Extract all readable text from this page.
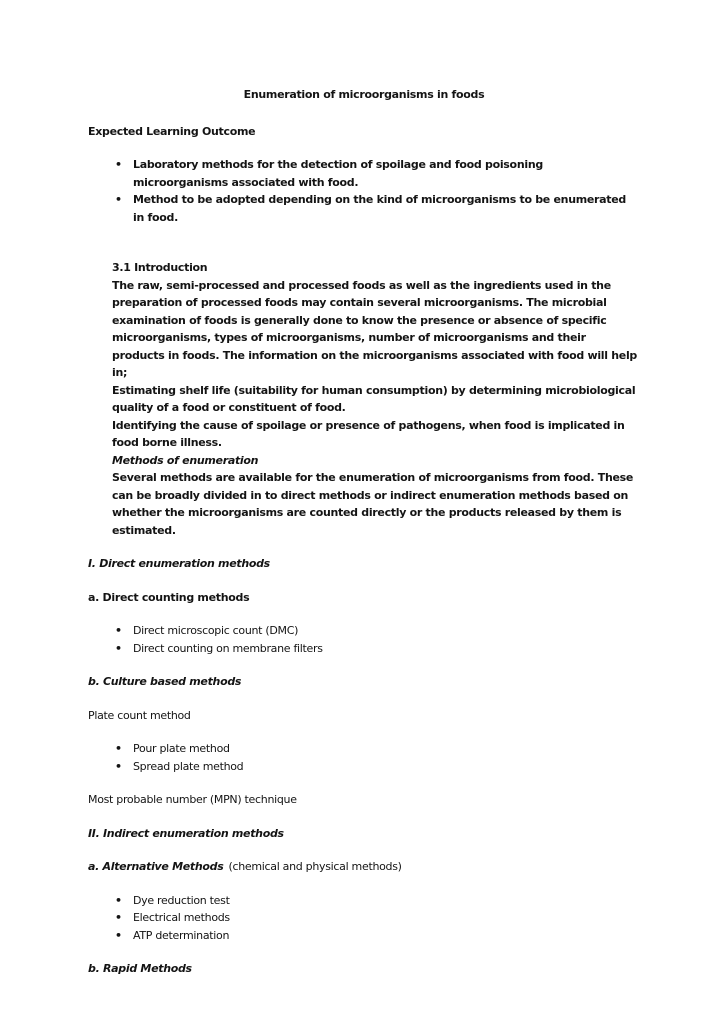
Enumeration of microorganisms in foods
Expected Learning Outcome
•	Laboratory methods for the detection of spoilage and food poisoning microorganisms associated with food.
•	Method to be adopted depending on the kind of microorganisms to be enumerated in food.
3.1 Introduction
The raw, semi-processed and processed foods as well as the ingredients used in the preparation of processed foods may contain several microorganisms. The microbial examination of foods is generally done to know the presence or absence of specific microorganisms, types of microorganisms, number of microorganisms and their products in foods. The information on the microorganisms associated with food will help in;
Estimating shelf life (suitability for human consumption) by determining microbiological quality of a food or constituent of food.
Identifying the cause of spoilage or presence of pathogens, when food is implicated in food borne illness.
Methods of enumeration
Several methods are available for the enumeration of microorganisms from food. These can be broadly divided in to direct methods or indirect enumeration methods based on whether the microorganisms are counted directly or the products released by them is estimated.
I. Direct enumeration methods
a. Direct counting methods
•	Direct microscopic count (DMC)
•	Direct counting on membrane filters
b. Culture based methods
Plate count method
•	Pour plate method
•	Spread plate method
Most probable number (MPN) technique
II. Indirect enumeration methods
a. Alternative Methods (chemical and physical methods)
•	Dye reduction test
•	Electrical methods
•	ATP determination
b. Rapid Methods
